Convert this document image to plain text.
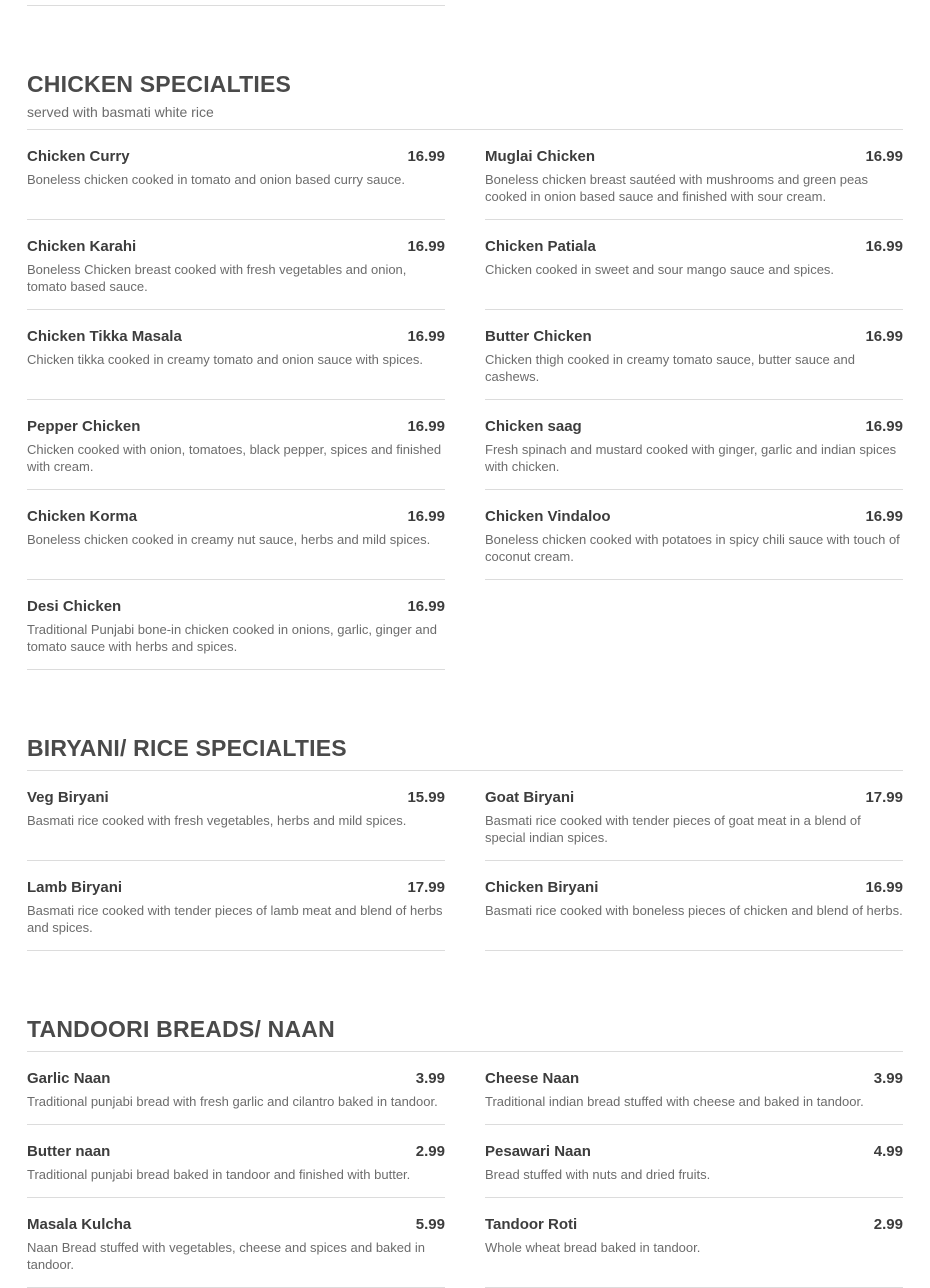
CHICKEN SPECIALTIES

served with basmati white rice

Chicken Curry	16.99

Boneless chicken cooked in tomato and onion based curry sauce.

Muglai Chicken	16.99

Boneless chicken breast sautéed with mushrooms and green peas cooked in onion based sauce and finished with sour cream.

Chicken Karahi	16.99

Boneless Chicken breast cooked with fresh vegetables and onion, tomato based sauce.

Chicken Patiala	16.99

Chicken cooked in sweet and sour mango sauce and spices.

Chicken Tikka Masala	16.99

Chicken tikka cooked in creamy tomato and onion sauce with spices.

Butter Chicken	16.99

Chicken thigh cooked in creamy tomato sauce, butter sauce and cashews.

Pepper Chicken	16.99

Chicken cooked with onion, tomatoes, black pepper, spices and finished with cream.

Chicken saag	16.99

Fresh spinach and mustard cooked with ginger, garlic and indian spices with chicken.

Chicken Korma	16.99

Boneless chicken cooked in creamy nut sauce, herbs and mild spices.

Chicken Vindaloo	16.99

Boneless chicken cooked with potatoes in spicy chili sauce with touch of coconut cream.

Desi Chicken	16.99

Traditional Punjabi bone-in chicken cooked in onions, garlic, ginger and tomato sauce with herbs and spices.

BIRYANI/ RICE SPECIALTIES
Veg Biryani	15.99

Basmati rice cooked with fresh vegetables, herbs and mild spices.

Goat Biryani	17.99

Basmati rice cooked with tender pieces of goat meat in a blend of special indian spices.

Lamb Biryani	17.99

Basmati rice cooked with tender pieces of lamb meat and blend of herbs and spices.

Chicken Biryani	16.99

Basmati rice cooked with boneless pieces of chicken and blend of herbs.

TANDOORI BREADS/ NAAN
Garlic Naan	3.99

Traditional punjabi bread with fresh garlic and cilantro baked in tandoor.

Cheese Naan	3.99

Traditional indian bread stuffed with cheese and baked in tandoor.

Butter naan	2.99

Traditional punjabi bread baked in tandoor and finished with butter.

Pesawari Naan	4.99

Bread stuffed with nuts and dried fruits.

Masala Kulcha	5.99

Naan Bread stuffed with vegetables, cheese and spices and baked in tandoor.

Tandoor Roti	2.99

Whole wheat bread baked in tandoor.
